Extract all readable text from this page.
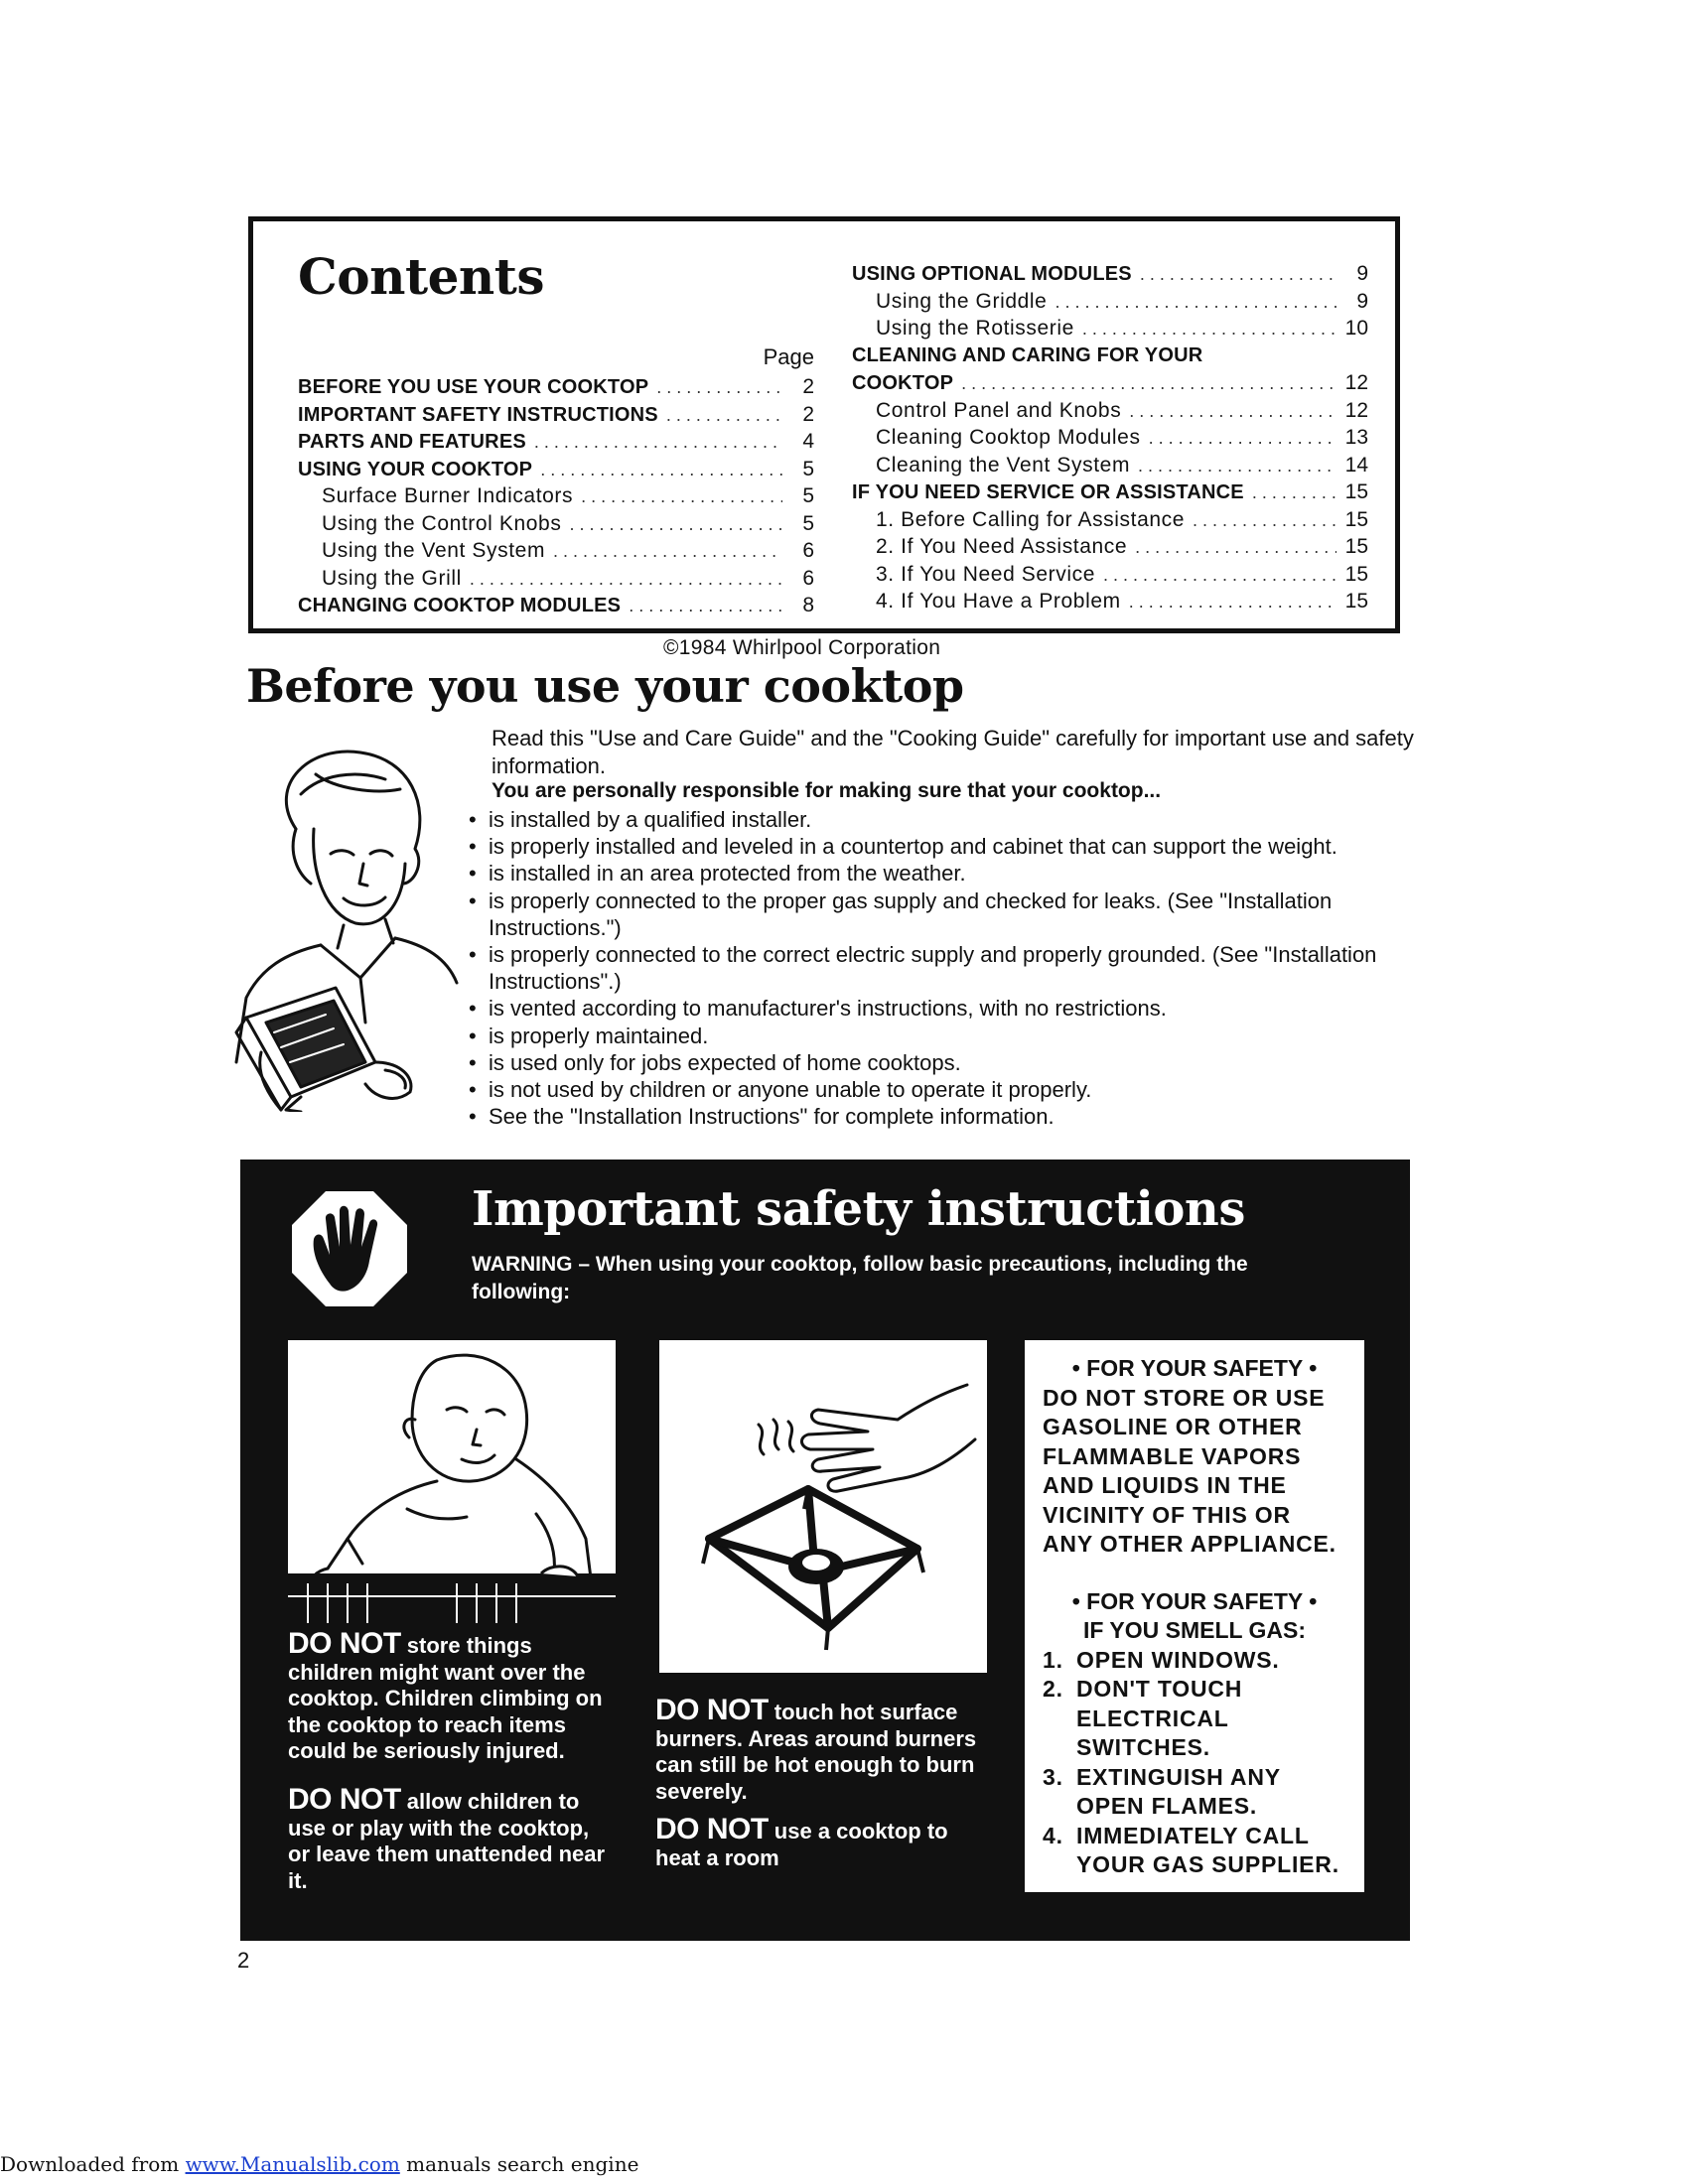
Contents
Page
BEFORE YOU USE YOUR COOKTOP . . .	2
IMPORTANT SAFETY INSTRUCTIONS . . .	2
PARTS AND FEATURES . . .	4
USING YOUR COOKTOP . . .	5
Surface Burner Indicators . . .	5
Using the Control Knobs . . .	5
Using the Vent System . . .	6
Using the Grill . . .	6
CHANGING COOKTOP MODULES . . .	8
USING OPTIONAL MODULES . . .	9
Using the Griddle . . .	9
Using the Rotisserie . . .	10
CLEANING AND CARING FOR YOUR
COOKTOP . . .	12
Control Panel and Knobs . . .	12
Cleaning Cooktop Modules . . .	13
Cleaning the Vent System . . .	14
IF YOU NEED SERVICE OR ASSISTANCE . . .	15
1. Before Calling for Assistance . . .	15
2. If You Need Assistance . . .	15
3. If You Need Service . . .	15
4. If You Have a Problem . . .	15
©1984 Whirlpool Corporation
Before you use your cooktop

Read this "Use and Care Guide" and the "Cooking Guide" carefully for important use and safety information.

You are personally responsible for making sure that your cooktop...
• is installed by a qualified installer.
• is properly installed and leveled in a countertop and cabinet that can support the weight.
• is installed in an area protected from the weather.
• is properly connected to the proper gas supply and checked for leaks. (See "Installation Instructions.")
• is properly connected to the correct electric supply and properly grounded. (See "Installation Instructions".)
• is vented according to manufacturer's instructions, with no restrictions.
• is properly maintained.
• is used only for jobs expected of home cooktops.
• is not used by children or anyone unable to operate it properly.
• See the "Installation Instructions" for complete information.
Important safety instructions
WARNING – When using your cooktop, follow basic precautions, including the following:
DO NOT store things children might want over the cooktop. Children climbing on the cooktop to reach items could be seriously injured.
DO NOT allow children to use or play with the cooktop, or leave them unattended near it.
DO NOT touch hot surface burners. Areas around burners can still be hot enough to burn severely.
DO NOT use a cooktop to heat a room
• FOR YOUR SAFETY •
DO NOT STORE OR USE GASOLINE OR OTHER FLAMMABLE VAPORS AND LIQUIDS IN THE VICINITY OF THIS OR ANY OTHER APPLIANCE.
• FOR YOUR SAFETY •
IF YOU SMELL GAS:
1. OPEN WINDOWS.
2. DON'T TOUCH ELECTRICAL SWITCHES.
3. EXTINGUISH ANY OPEN FLAMES.
4. IMMEDIATELY CALL YOUR GAS SUPPLIER.
2
Downloaded from www.Manualslib.com manuals search engine
